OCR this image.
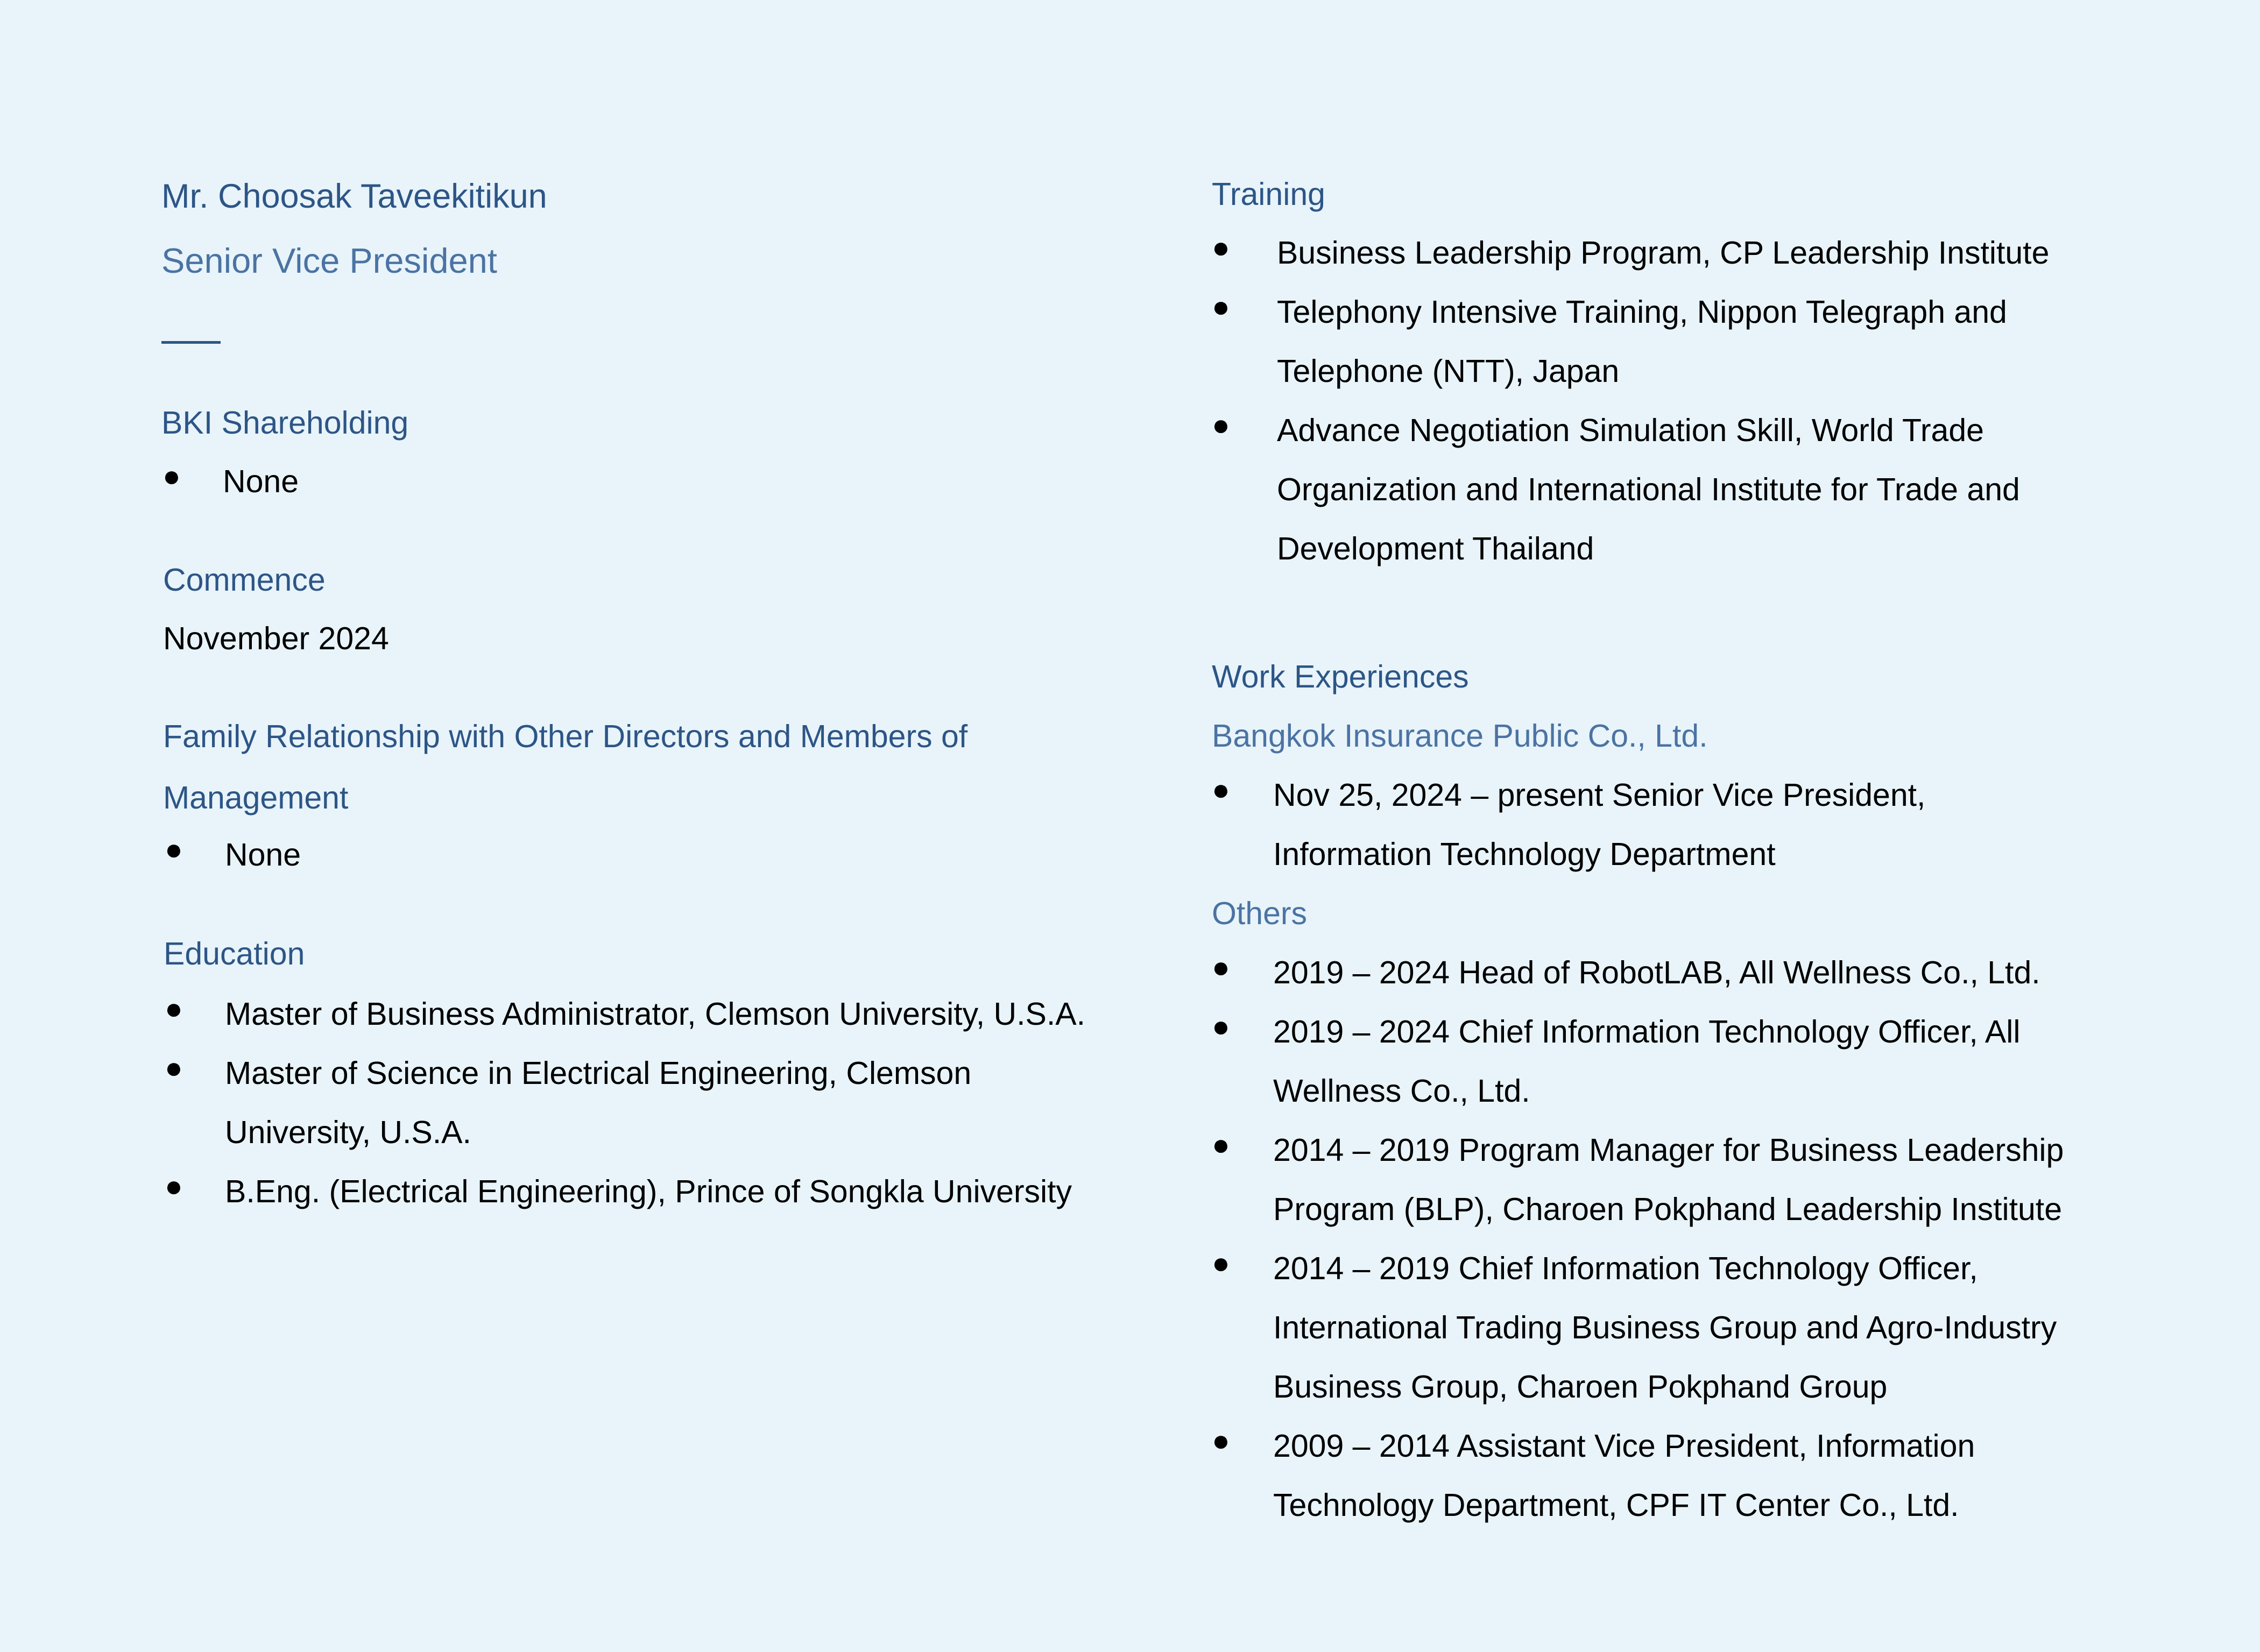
Mr. Choosak Taveekitikun
Senior Vice President
BKI Shareholding
● None
Commence
November 2024
Family Relationship with Other Directors and Members of
Management
● None
Education
● Master of Business Administrator, Clemson University, U.S.A.
● Master of Science in Electrical Engineering, Clemson
University, U.S.A.
● B.Eng. (Electrical Engineering), Prince of Songkla University
Training
● Business Leadership Program, CP Leadership Institute
● Telephony Intensive Training, Nippon Telegraph and
Telephone (NTT), Japan
● Advance Negotiation Simulation Skill, World Trade
Organization and International Institute for Trade and
Development Thailand
Work Experiences
Bangkok Insurance Public Co., Ltd.
● Nov 25, 2024 – present Senior Vice President,
Information Technology Department
Others
● 2019 – 2024 Head of RobotLAB, All Wellness Co., Ltd.
● 2019 – 2024 Chief Information Technology Officer, All
Wellness Co., Ltd.
● 2014 – 2019 Program Manager for Business Leadership
Program (BLP), Charoen Pokphand Leadership Institute
● 2014 – 2019 Chief Information Technology Officer,
International Trading Business Group and Agro-Industry
Business Group, Charoen Pokphand Group
● 2009 – 2014 Assistant Vice President, Information
Technology Department, CPF IT Center Co., Ltd.
